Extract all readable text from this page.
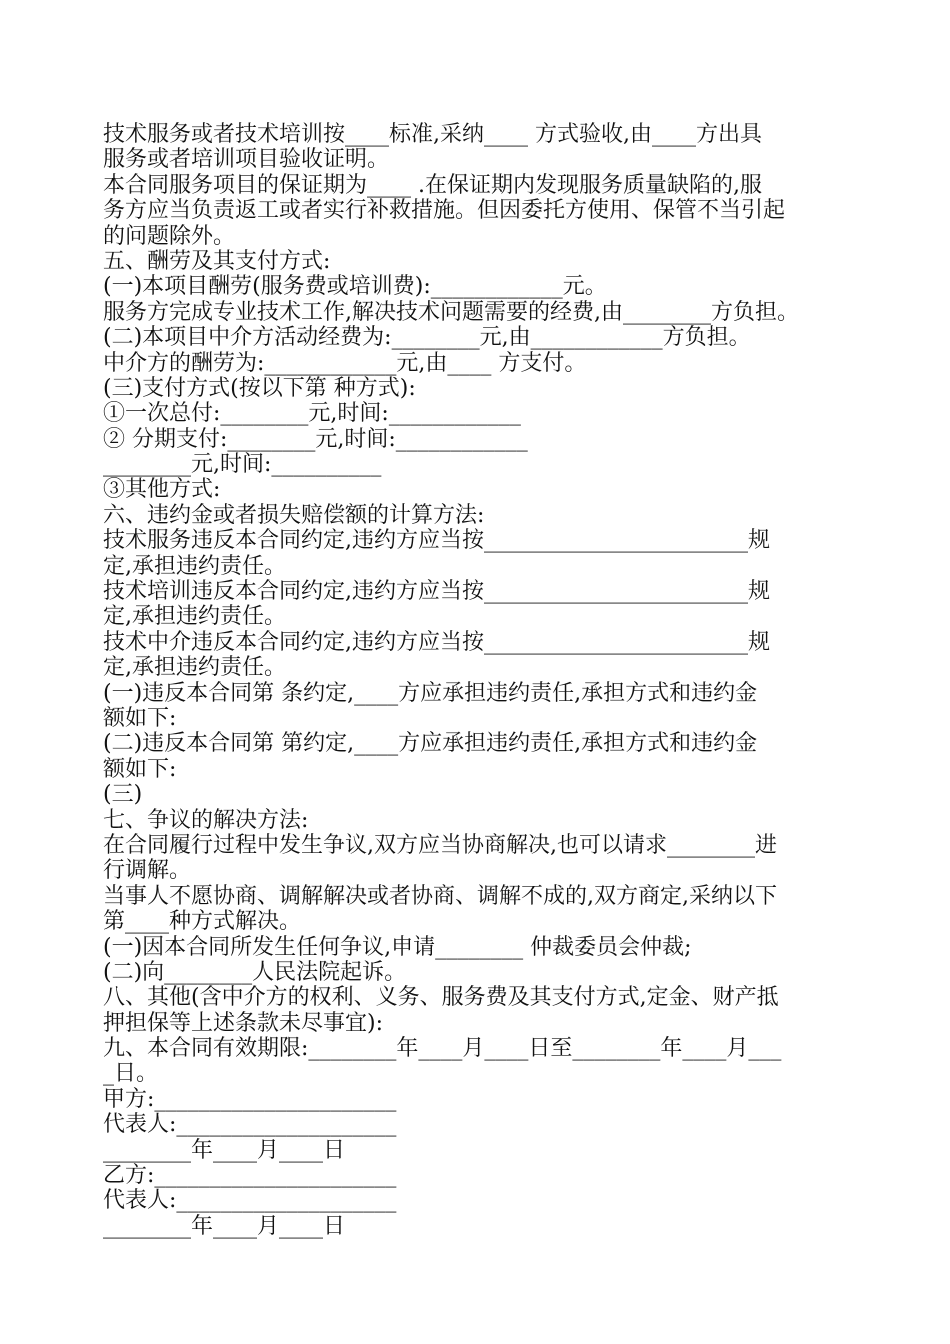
技术服务或者技术培训按____标准,采纳____ 方式验收,由____方出具
服务或者培训项目验收证明。
本合同服务项目的保证期为____ .在保证期内发现服务质量缺陷的,服
务方应当负责返工或者实行补救措施。但因委托方使用、保管不当引起
的问题除外。
五、酬劳及其支付方式:
(一)本项目酬劳(服务费或培训费):____________元。
服务方完成专业技术工作,解决技术问题需要的经费,由________方负担。
(二)本项目中介方活动经费为:________元,由____________方负担。
中介方的酬劳为:____________元,由____ 方支付。
(三)支付方式(按以下第 种方式):
①一次总付:________元,时间:____________
② 分期支付:________元,时间:____________
________元,时间:__________
③其他方式:
六、违约金或者损失赔偿额的计算方法:
技术服务违反本合同约定,违约方应当按________________________规
定,承担违约责任。
技术培训违反本合同约定,违约方应当按________________________规
定,承担违约责任。
技术中介违反本合同约定,违约方应当按________________________规
定,承担违约责任。
(一)违反本合同第 条约定,____方应承担违约责任,承担方式和违约金
额如下:
(二)违反本合同第 第约定,____方应承担违约责任,承担方式和违约金
额如下:
(三)
七、争议的解决方法:
在合同履行过程中发生争议,双方应当协商解决,也可以请求________进
行调解。
当事人不愿协商、调解解决或者协商、调解不成的,双方商定,采纳以下
第____种方式解决。
(一)因本合同所发生任何争议,申请________ 仲裁委员会仲裁;
(二)向________人民法院起诉。
八、其他(含中介方的权利、义务、服务费及其支付方式,定金、财产抵
押担保等上述条款未尽事宜):
九、本合同有效期限:________年____月____日至________年____月___
_日。
甲方:______________________
代表人:____________________
________年____月____日
乙方:______________________
代表人:____________________
________年____月____日
